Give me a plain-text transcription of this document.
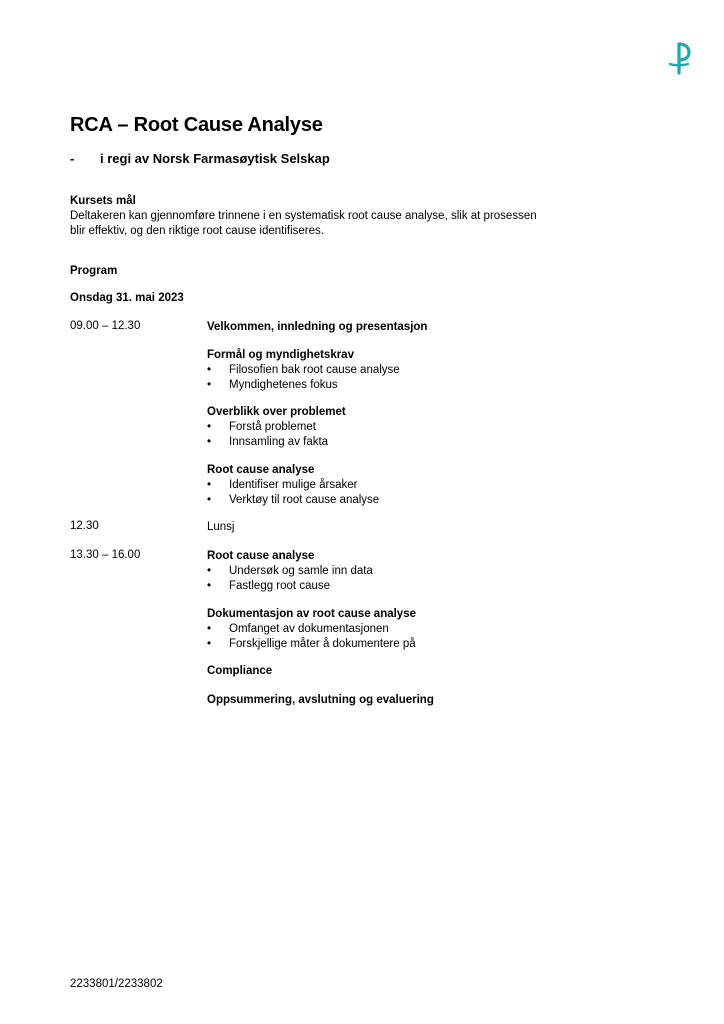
RCA – Root Cause Analyse
- i regi av Norsk Farmasøytisk Selskap
Kursets mål
Deltakeren kan gjennomføre trinnene i en systematisk root cause analyse, slik at prosessen blir effektiv, og den riktige root cause identifiseres.
Program
Onsdag 31. mai 2023
09.00 – 12.30	Velkommen, innledning og presentasjon
Formål og myndighetskrav
• Filosofien bak root cause analyse
• Myndighetenes fokus
Overblikk over problemet
• Forstå problemet
• Innsamling av fakta
Root cause analyse
• Identifiser mulige årsaker
• Verktøy til root cause analyse
12.30	Lunsj
13.30 – 16.00	Root cause analyse
• Undersøk og samle inn data
• Fastlegg root cause
Dokumentasjon av root cause analyse
• Omfanget av dokumentasjonen
• Forskjellige måter å dokumentere på
Compliance
Oppsummering, avslutning og evaluering
2233801/2233802
